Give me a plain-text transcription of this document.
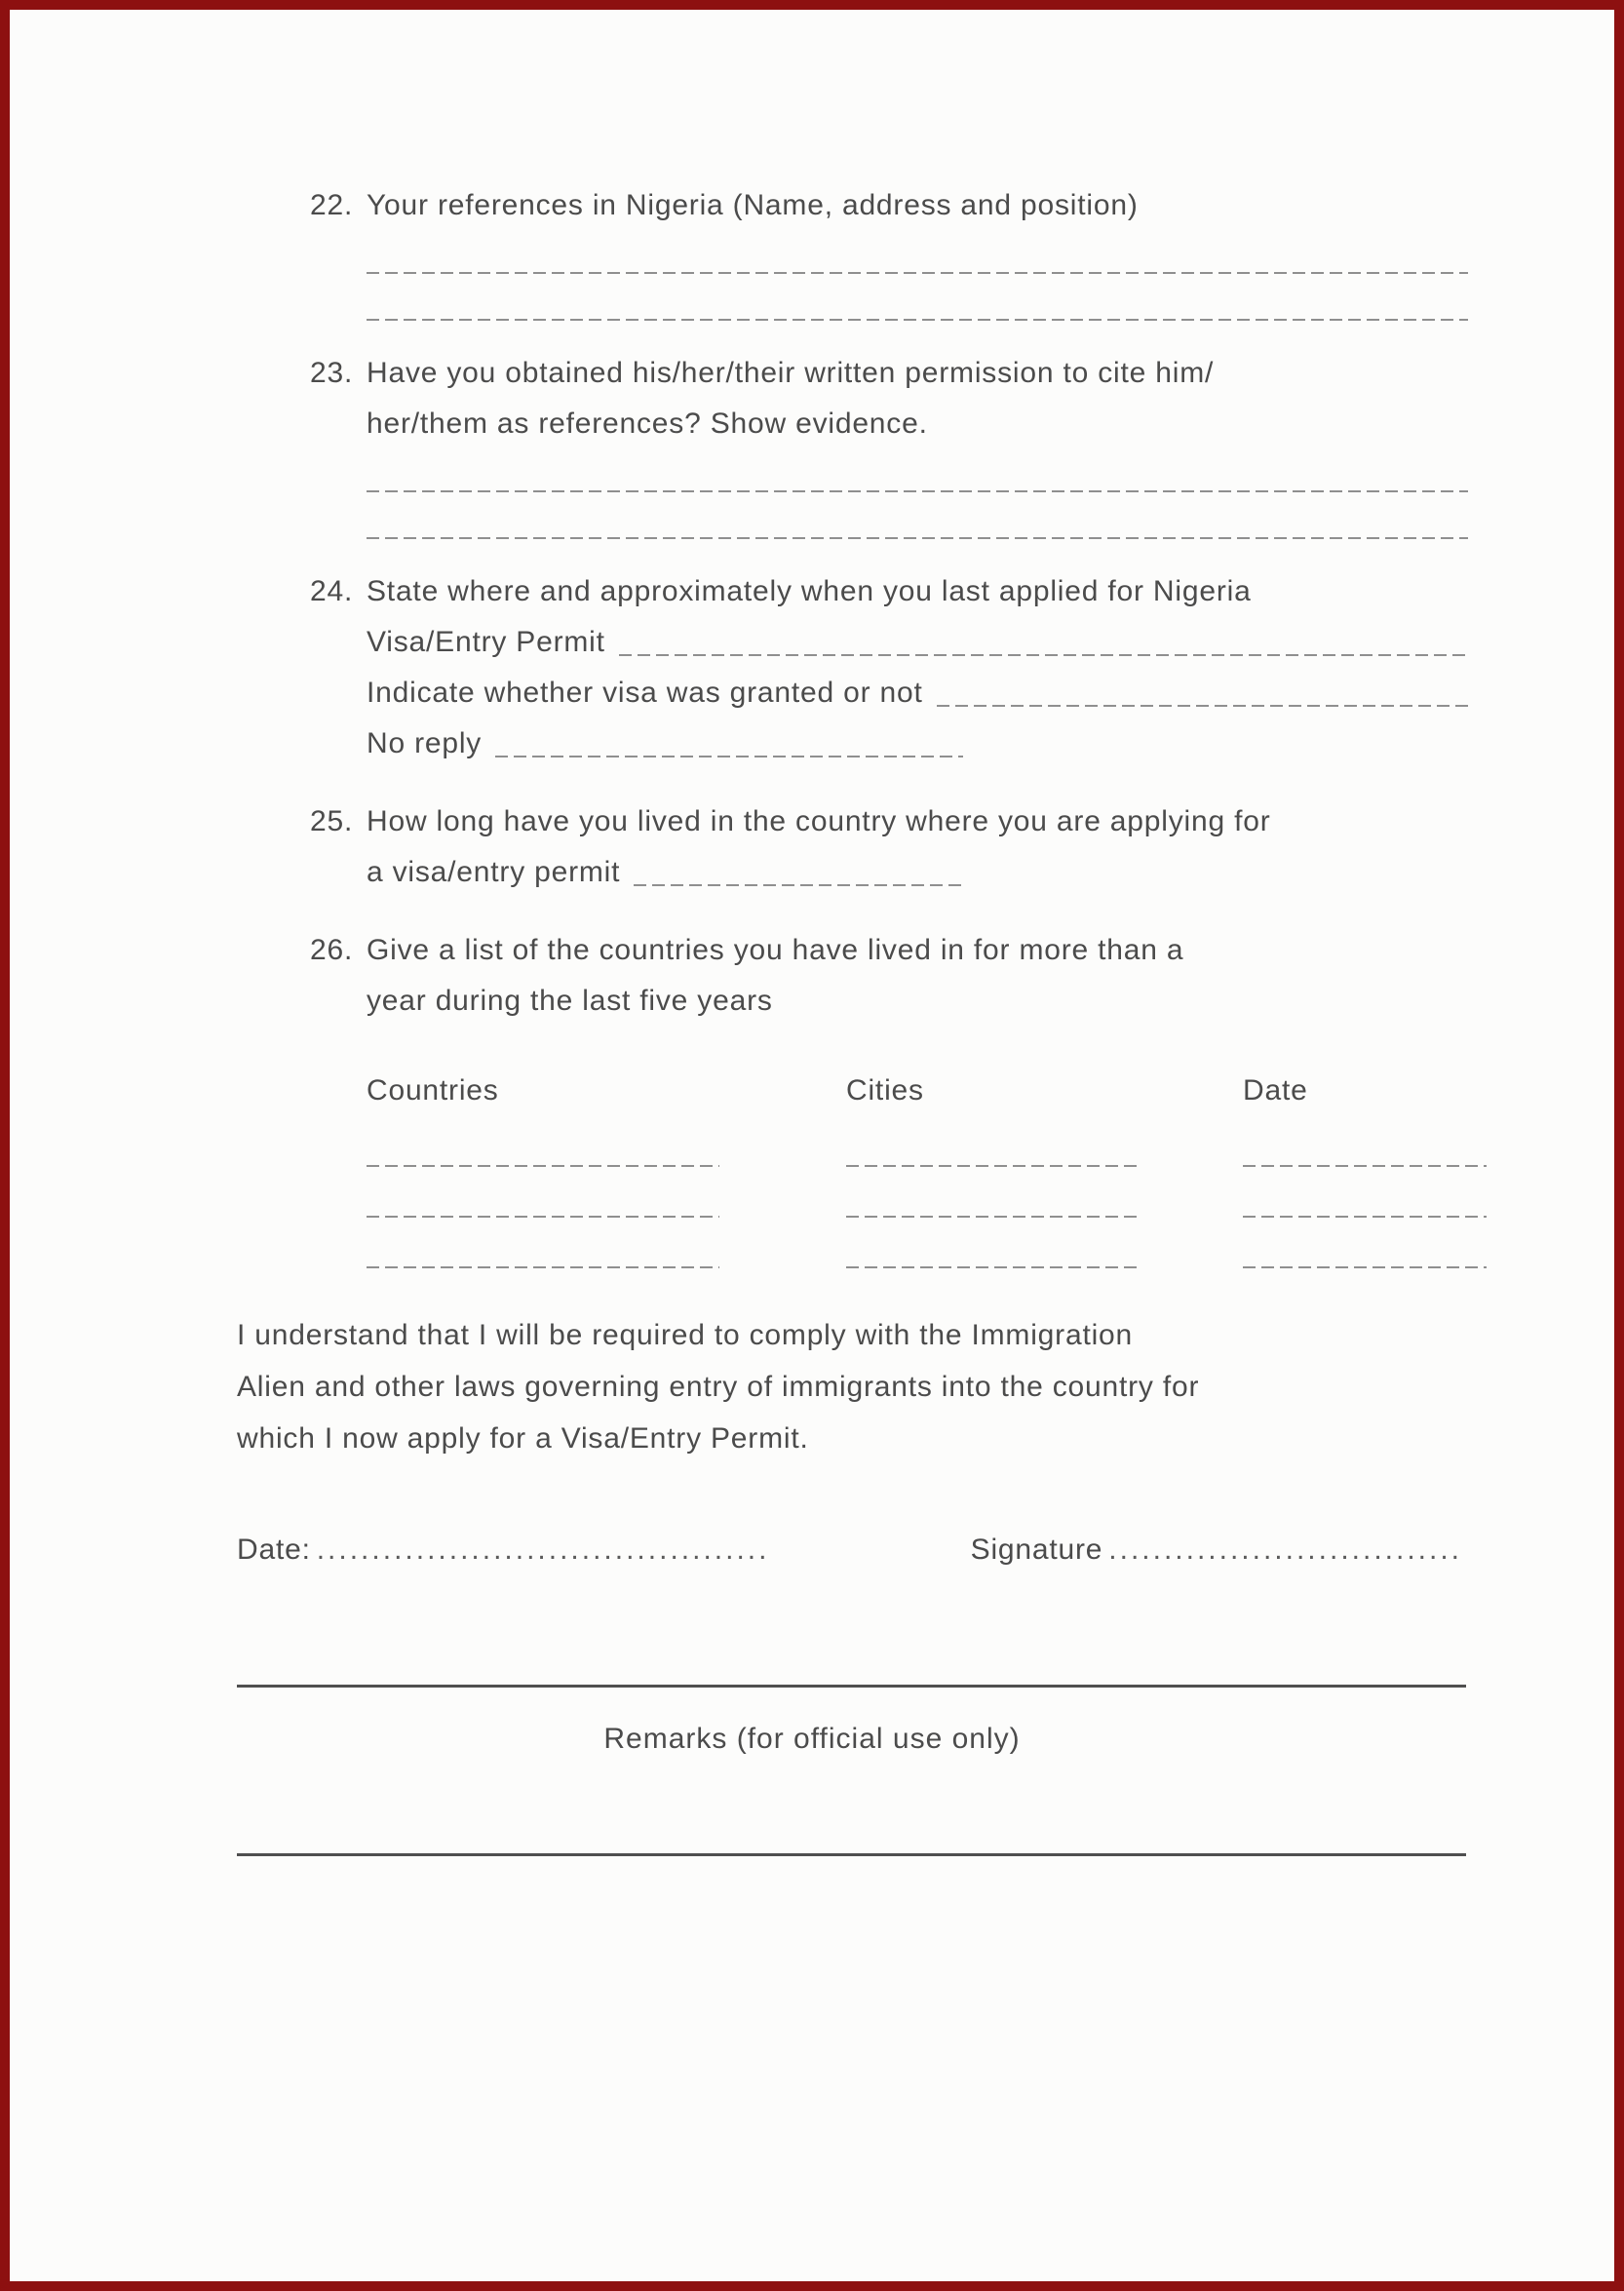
22. Your references in Nigeria (Name, address and position)
23. Have you obtained his/her/their written permission to cite him/
her/them as references? Show evidence.
24. State where and approximately when you last applied for Nigeria
Visa/Entry Permit
Indicate whether visa was granted or not
No reply
25. How long have you lived in the country where you are applying for
a visa/entry permit
26. Give a list of the countries you have lived in for more than a
year during the last five years
Countries	Cities	Date
I understand that I will be required to comply with the Immigration
Alien and other laws governing entry of immigrants into the country for
which I now apply for a Visa/Entry Permit.
Date: .........................................	Signature ................................
Remarks (for official use only)
